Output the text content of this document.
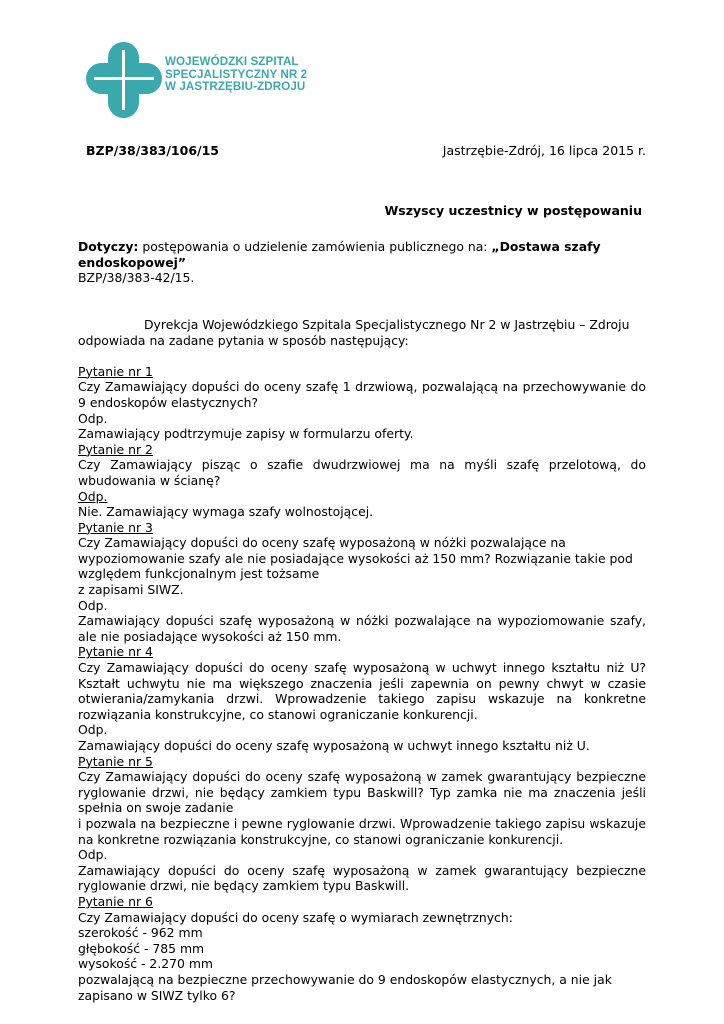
WOJEWÓDZKI SZPITAL
SPECJALISTYCZNY NR 2
W JASTRZĘBIU-ZDROJU
BZP/38/383/106/15	Jastrzębie-Zdrój, 16 lipca 2015 r.
Wszyscy uczestnicy w postępowaniu

Dotyczy: postępowania o udzielenie zamówienia publicznego na: „Dostawa szafy endoskopowej”

BZP/38/383-42/15.

Dyrekcja Wojewódzkiego Szpitala Specjalistycznego Nr 2 w Jastrzębiu – Zdroju

odpowiada na zadane pytania w sposób następujący:

Pytanie nr 1

Czy Zamawiający dopuści do oceny szafę 1 drzwiową, pozwalającą na przechowywanie do 9 endoskopów elastycznych?

Odp.

Zamawiający podtrzymuje zapisy w formularzu oferty.

Pytanie nr 2

Czy Zamawiający pisząc o szafie dwudrzwiowej ma na myśli szafę przelotową, do wbudowania w ścianę?

Odp.

Nie. Zamawiający wymaga szafy wolnostojącej.

Pytanie nr 3

Czy Zamawiający dopuści do oceny szafę wyposażoną w nóżki pozwalające na wypoziomowanie szafy ale nie posiadające wysokości aż 150 mm? Rozwiązanie takie pod względem funkcjonalnym jest tożsame

z zapisami SIWZ.

Odp.

Zamawiający dopuści szafę wyposażoną w nóżki pozwalające na wypoziomowanie szafy, ale nie posiadające wysokości aż 150 mm.

Pytanie nr 4

Czy Zamawiający dopuści do oceny szafę wyposażoną w uchwyt innego kształtu niż U? Kształt uchwytu nie ma większego znaczenia jeśli zapewnia on pewny chwyt w czasie otwierania/zamykania drzwi. Wprowadzenie takiego zapisu wskazuje na konkretne rozwiązania konstrukcyjne, co stanowi ograniczanie konkurencji.

Odp.

Zamawiający dopuści do oceny szafę wyposażoną w uchwyt innego kształtu niż U.

Pytanie nr 5

Czy Zamawiający dopuści do oceny szafę wyposażoną w zamek gwarantujący bezpieczne ryglowanie drzwi, nie będący zamkiem typu Baskwill? Typ zamka nie ma znaczenia jeśli spełnia on swoje zadanie

i pozwala na bezpieczne i pewne ryglowanie drzwi. Wprowadzenie takiego zapisu wskazuje na konkretne rozwiązania konstrukcyjne, co stanowi ograniczanie konkurencji.

Odp.

Zamawiający dopuści do oceny szafę wyposażoną w zamek gwarantujący bezpieczne ryglowanie drzwi, nie będący zamkiem typu Baskwill.

Pytanie nr 6

Czy Zamawiający dopuści do oceny szafę o wymiarach zewnętrznych:

szerokość - 962 mm

głębokość - 785 mm

wysokość - 2.270 mm

pozwalającą na bezpieczne przechowywanie do 9 endoskopów elastycznych, a nie jak zapisano w SIWZ tylko 6?
